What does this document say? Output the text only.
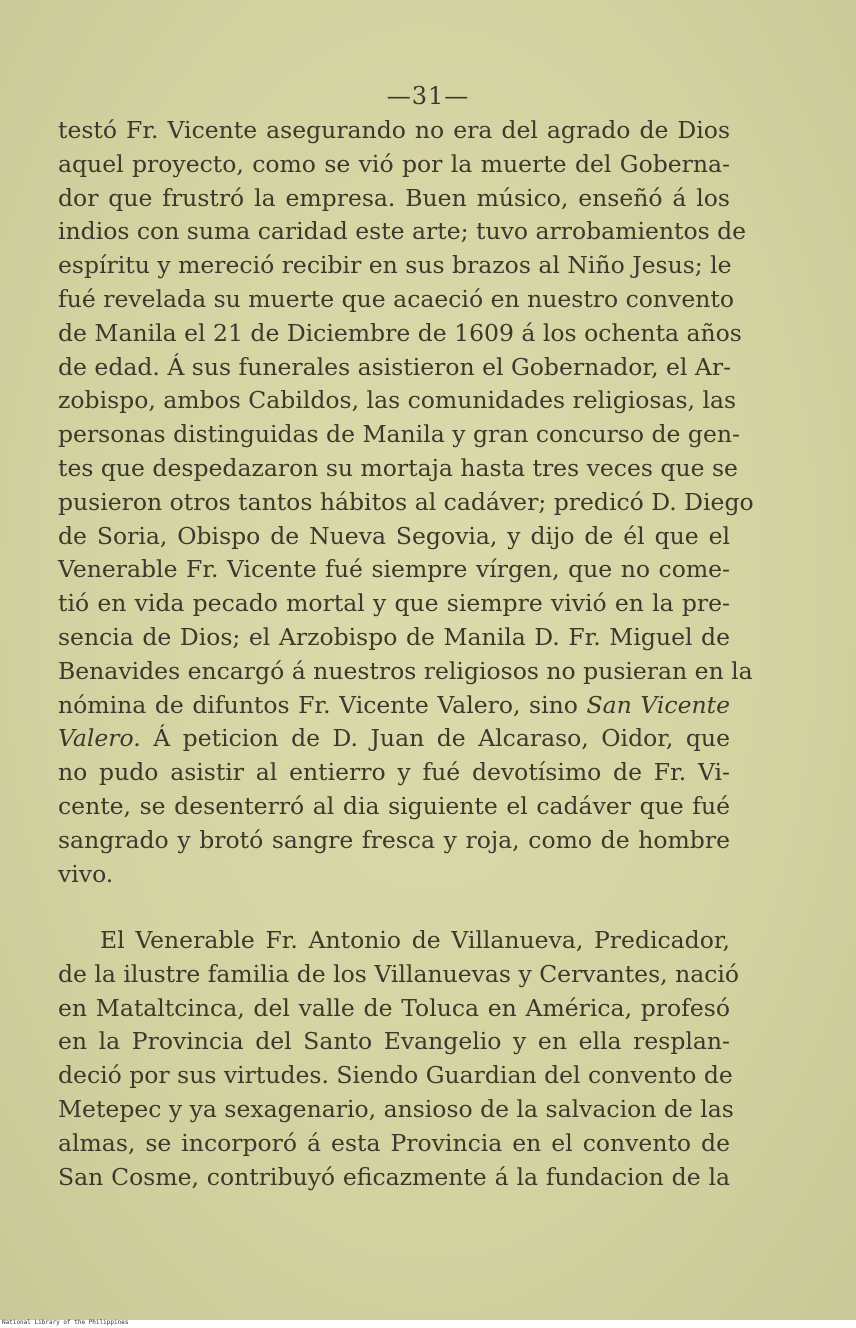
—31—
testó Fr. Vicente asegurando no era del agrado de Dios
aquel proyecto, como se vió por la muerte del Goberna-
dor que frustró la empresa. Buen músico, enseñó á los
indios con suma caridad este arte; tuvo arrobamientos de
espíritu y mereció recibir en sus brazos al Niño Jesus; le
fué revelada su muerte que acaeció en nuestro convento
de Manila el 21 de Diciembre de 1609 á los ochenta años
de edad. Á sus funerales asistieron el Gobernador, el Ar-
zobispo, ambos Cabildos, las comunidades religiosas, las
personas distinguidas de Manila y gran concurso de gen-
tes que despedazaron su mortaja hasta tres veces que se
pusieron otros tantos hábitos al cadáver; predicó D. Diego
de Soria, Obispo de Nueva Segovia, y dijo de él que el
Venerable Fr. Vicente fué siempre vírgen, que no come-
tió en vida pecado mortal y que siempre vivió en la pre-
sencia de Dios; el Arzobispo de Manila D. Fr. Miguel de
Benavides encargó á nuestros religiosos no pusieran en la
nómina de difuntos Fr. Vicente Valero, sino San Vicente
Valero. Á peticion de D. Juan de Alcaraso, Oidor, que
no pudo asistir al entierro y fué devotísimo de Fr. Vi-
cente, se desenterró al dia siguiente el cadáver que fué
sangrado y brotó sangre fresca y roja, como de hombre
vivo.
El Venerable Fr. Antonio de Villanueva, Predicador,
de la ilustre familia de los Villanuevas y Cervantes, nació
en Mataltcinca, del valle de Toluca en América, profesó
en la Provincia del Santo Evangelio y en ella resplan-
deció por sus virtudes. Siendo Guardian del convento de
Metepec y ya sexagenario, ansioso de la salvacion de las
almas, se incorporó á esta Provincia en el convento de
San Cosme, contribuyó eficazmente á la fundacion de la
National Library of the Philippines
